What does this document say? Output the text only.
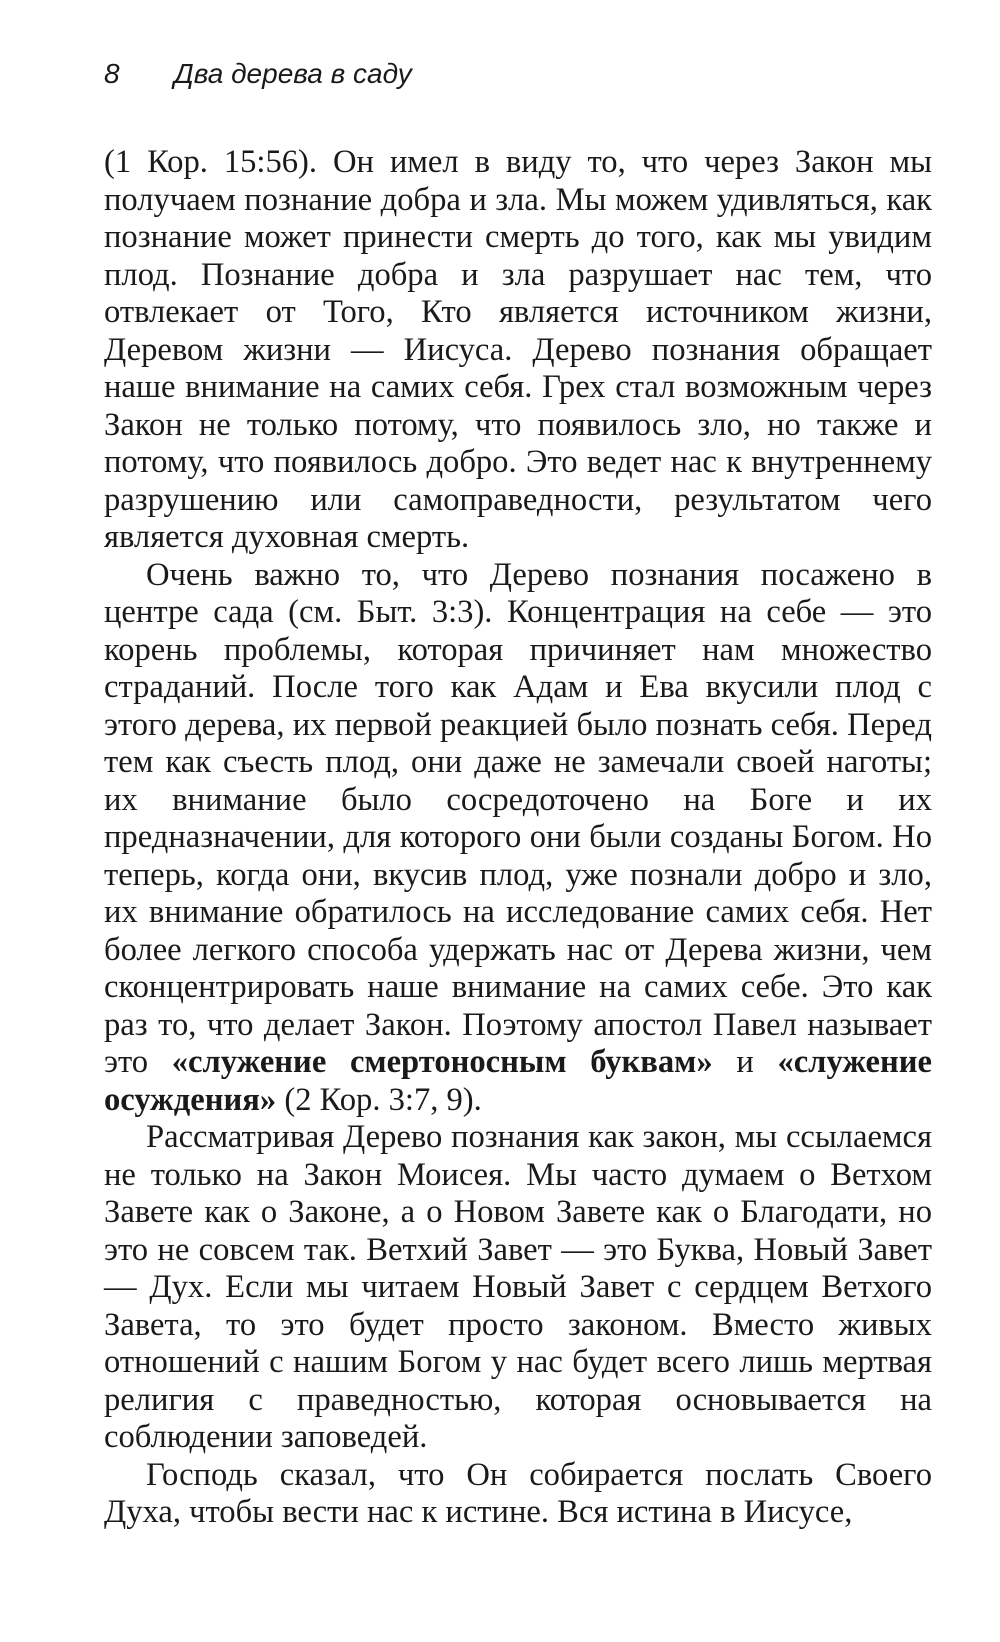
8 Два дерева в саду

(1 Кор. 15:56). Он имел в виду то, что через Закон мы получаем познание добра и зла. Мы можем удивляться, как познание может принести смерть до того, как мы увидим плод. Познание добра и зла разрушает нас тем, что отвлекает от Того, Кто является источником жизни, Деревом жизни — Иисуса. Дерево познания обращает наше внимание на самих себя. Грех стал возможным через Закон не только потому, что появилось зло, но также и потому, что появилось добро. Это ведет нас к внутреннему разрушению или самоправедности, результатом чего является духовная смерть.

Очень важно то, что Дерево познания посажено в центре сада (см. Быт. 3:3). Концентрация на себе — это корень проблемы, которая причиняет нам множество страданий. После того как Адам и Ева вкусили плод с этого дерева, их первой реакцией было познать себя. Перед тем как съесть плод, они даже не замечали своей наготы; их внимание было сосредоточено на Боге и их предназначении, для которого они были созданы Богом. Но теперь, когда они, вкусив плод, уже познали добро и зло, их внимание обратилось на исследование самих себя. Нет более легкого способа удержать нас от Дерева жизни, чем сконцентрировать наше внимание на самих себе. Это как раз то, что делает Закон. Поэтому апостол Павел называет это «служение смертоносным буквам» и «служение осуждения» (2 Кор. 3:7, 9).

Рассматривая Дерево познания как закон, мы ссылаемся не только на Закон Моисея. Мы часто думаем о Ветхом Завете как о Законе, а о Новом Завете как о Благодати, но это не совсем так. Ветхий Завет — это Буква, Новый Завет — Дух. Если мы читаем Новый Завет с сердцем Ветхого Завета, то это будет просто законом. Вместо живых отношений с нашим Богом у нас будет всего лишь мертвая религия с праведностью, которая основывается на соблюдении заповедей.

Господь сказал, что Он собирается послать Своего Духа, чтобы вести нас к истине. Вся истина в Иисусе,
